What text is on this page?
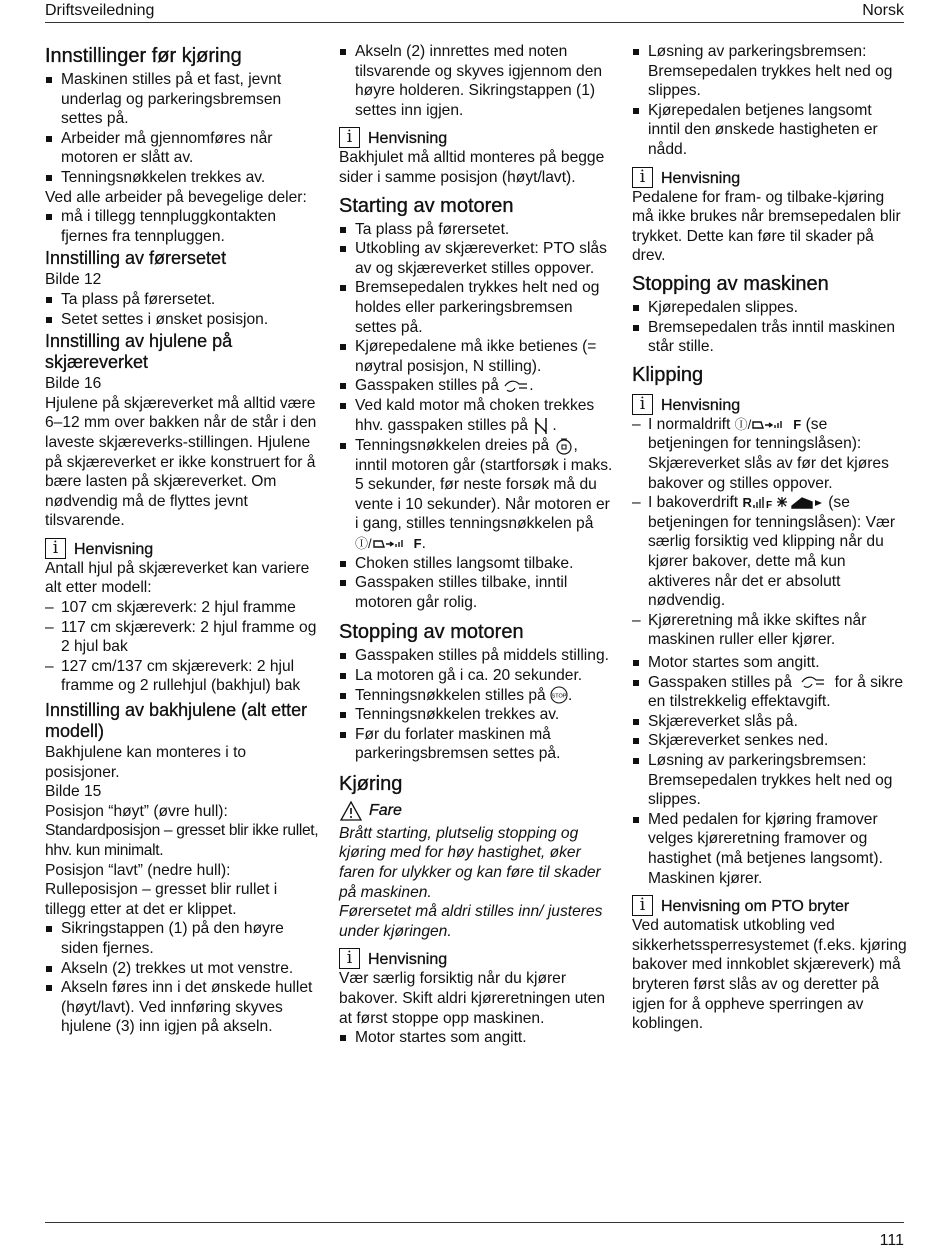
Driftsveiledning	Norsk
Innstillinger før kjøring
Maskinen stilles på et fast, jevnt underlag og parkeringsbremsen settes på.
Arbeider må gjennomføres når motoren er slått av.
Tenningsnøkkelen trekkes av.

Ved alle arbeider på bevegelige deler:

må i tillegg tennpluggkontakten fjernes fra tennpluggen.
Innstilling av førersetet

Bilde 12

Ta plass på førersetet.
Setet settes i ønsket posisjon.
Innstilling av hjulene på skjæreverket

Bilde 16

Hjulene på skjæreverket må alltid være 6–12 mm over bakken når de står i den laveste skjæreverks-stillingen. Hjulene på skjæreverket er ikke konstruert for å bære lasten på skjæreverket. Om nødvendig må de flyttes jevnt tilsvarende.

i Henvisning

Antall hjul på skjæreverket kan variere alt etter modell:

– 107 cm skjæreverk: 2 hjul framme
– 117 cm skjæreverk: 2 hjul framme og 2 hjul bak
– 127 cm/137 cm skjæreverk: 2 hjul framme og 2 rullehjul (bakhjul) bak
Innstilling av bakhjulene (alt etter modell)

Bakhjulene kan monteres i to posisjoner.

Bilde 15

Posisjon “høyt” (øvre hull):

Standardposisjon – gresset blir ikke rullet, hhv. kun minimalt.

Posisjon “lavt” (nedre hull):

Rulleposisjon – gresset blir rullet i tillegg etter at det er klippet.

Sikringstappen (1) på den høyre siden fjernes.
Akseln (2) trekkes ut mot venstre.
Akseln føres inn i det ønskede hullet (høyt/lavt). Ved innføring skyves hjulene (3) inn igjen på akseln.
Akseln (2) innrettes med noten tilsvarende og skyves igjennom den høyre holderen. Sikringstappen (1) settes inn igjen.
i Henvisning

Bakhjulet må alltid monteres på begge sider i samme posisjon (høyt/lavt).

Starting av motoren
Ta plass på førersetet.
Utkobling av skjæreverket: PTO slås av og skjæreverket stilles oppover.
Bremsepedalen trykkes helt ned og holdes eller parkeringsbremsen settes på.
Kjørepedalene må ikke betienes (= nøytral posisjon, N stilling).
Gasspaken stilles på .
Ved kald motor må choken trekkes hhv. gasspaken stilles på .
Tenningsnøkkelen dreies på , inntil motoren går (startforsøk i maks. 5 sekunder, før neste forsøk må du vente i 10 sekunder). Når motoren er i gang, stilles tenningsnøkkelen på Ⓘ/	F.
Choken stilles langsomt tilbake.
Gasspaken stilles tilbake, inntil motoren går rolig.
Stopping av motoren
Gasspaken stilles på middels stilling.
La motoren gå i ca. 20 sekunder.
Tenningsnøkkelen stilles på STOP .
Tenningsnøkkelen trekkes av.
Før du forlater maskinen må parkeringsbremsen settes på.
Kjøring
Fare

Brått starting, plutselig stopping og kjøring med for høy hastighet, øker faren for ulykker og kan føre til skader på maskinen.

Førersetet må aldri stilles inn/ justeres under kjøringen.

i Henvisning

Vær særlig forsiktig når du kjører bakover. Skift aldri kjøreretningen uten at først stoppe opp maskinen.

Motor startes som angitt.
Løsning av parkeringsbremsen: Bremsepedalen trykkes helt ned og slippes.
Kjørepedalen betjenes langsomt inntil den ønskede hastigheten er nådd.
i Henvisning

Pedalene for fram- og tilbake-kjøring må ikke brukes når bremsepedalen blir trykket. Dette kan føre til skader på drev.

Stopping av maskinen
Kjørepedalen slippes.
Bremsepedalen trås inntil maskinen står stille.
Klipping
i Henvisning
– I normaldrift Ⓘ/	F (se betjeningen for tenningslåsen): Skjæreverket slås av før det kjøres bakover og stilles oppover.
– I bakoverdrift R F	(se betjeningen for tenningslåsen): Vær særlig forsiktig ved klipping når du kjører bakover, dette må kun aktiveres når det er absolutt nødvendig.
– Kjøreretning må ikke skiftes når maskinen ruller eller kjører.
Motor startes som angitt.
Gasspaken stilles på	for å sikre en tilstrekkelig effektavgift.
Skjæreverket slås på.
Skjæreverket senkes ned.
Løsning av parkeringsbremsen: Bremsepedalen trykkes helt ned og slippes.
Med pedalen for kjøring framover velges kjøreretning framover og hastighet (må betjenes langsomt). Maskinen kjører.
i Henvisning om PTO bryter

Ved automatisk utkobling ved sikkerhetssperresystemet (f.eks. kjøring bakover med innkoblet skjæreverk) må bryteren først slås av og deretter på igjen for å oppheve sperringen av koblingen.

111
